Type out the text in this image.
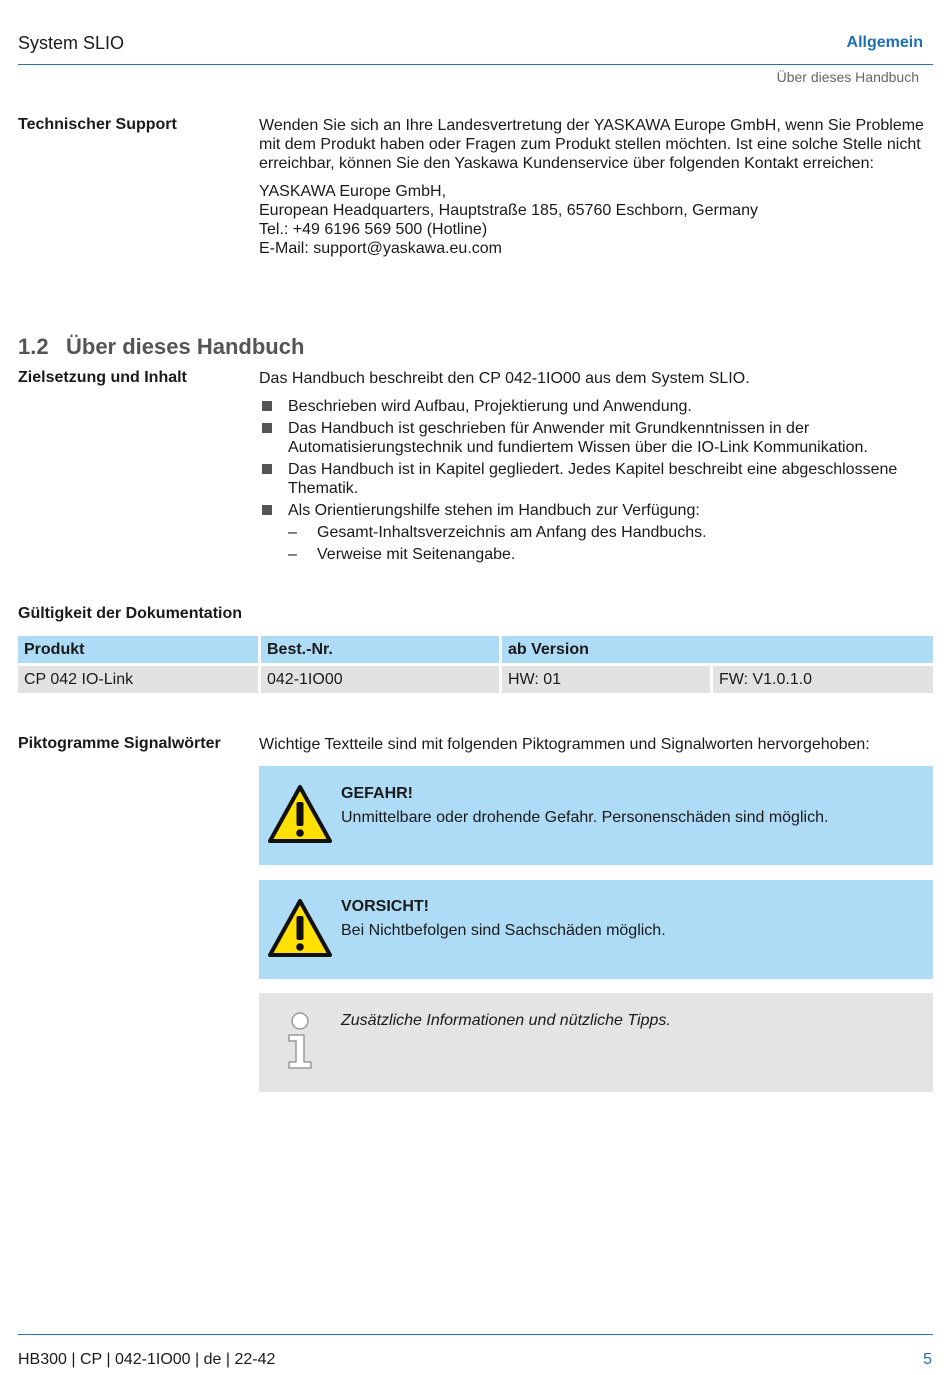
System SLIO	Allgemein
Über dieses Handbuch
Technischer Support	Wenden Sie sich an Ihre Landesvertretung der YASKAWA Europe GmbH, wenn Sie Probleme mit dem Produkt haben oder Fragen zum Produkt stellen möchten. Ist eine solche Stelle nicht erreichbar, können Sie den Yaskawa Kundenservice über folgenden Kontakt erreichen:

YASKAWA Europe GmbH,
European Headquarters, Hauptstraße 185, 65760 Eschborn, Germany
Tel.: +49 6196 569 500 (Hotline)
E-Mail: support@yaskawa.eu.com
1.2 Über dieses Handbuch
Zielsetzung und Inhalt	Das Handbuch beschreibt den CP 042-1IO00 aus dem System SLIO.

Beschrieben wird Aufbau, Projektierung und Anwendung.
Das Handbuch ist geschrieben für Anwender mit Grundkenntnissen in der Automatisierungstechnik und fundiertem Wissen über die IO-Link Kommunikation.
Das Handbuch ist in Kapitel gegliedert. Jedes Kapitel beschreibt eine abgeschlossene Thematik.
Als Orientierungshilfe stehen im Handbuch zur Verfügung:
– Gesamt-Inhaltsverzeichnis am Anfang des Handbuchs.
– Verweise mit Seitenangabe.
Gültigkeit der Dokumentation
Produkt	Best.-Nr.	ab Version	
CP 042 IO-Link	042-1IO00	HW: 01	FW: V1.0.1.0
Piktogramme Signalwörter Wichtige Textteile sind mit folgenden Piktogrammen und Signalworten hervorgehoben:
GEFAHR!
Unmittelbare oder drohende Gefahr. Personenschäden sind möglich.
VORSICHT!
Bei Nichtbefolgen sind Sachschäden möglich.
Zusätzliche Informationen und nützliche Tipps.
HB300 | CP | 042-1IO00 | de | 22-42	5
